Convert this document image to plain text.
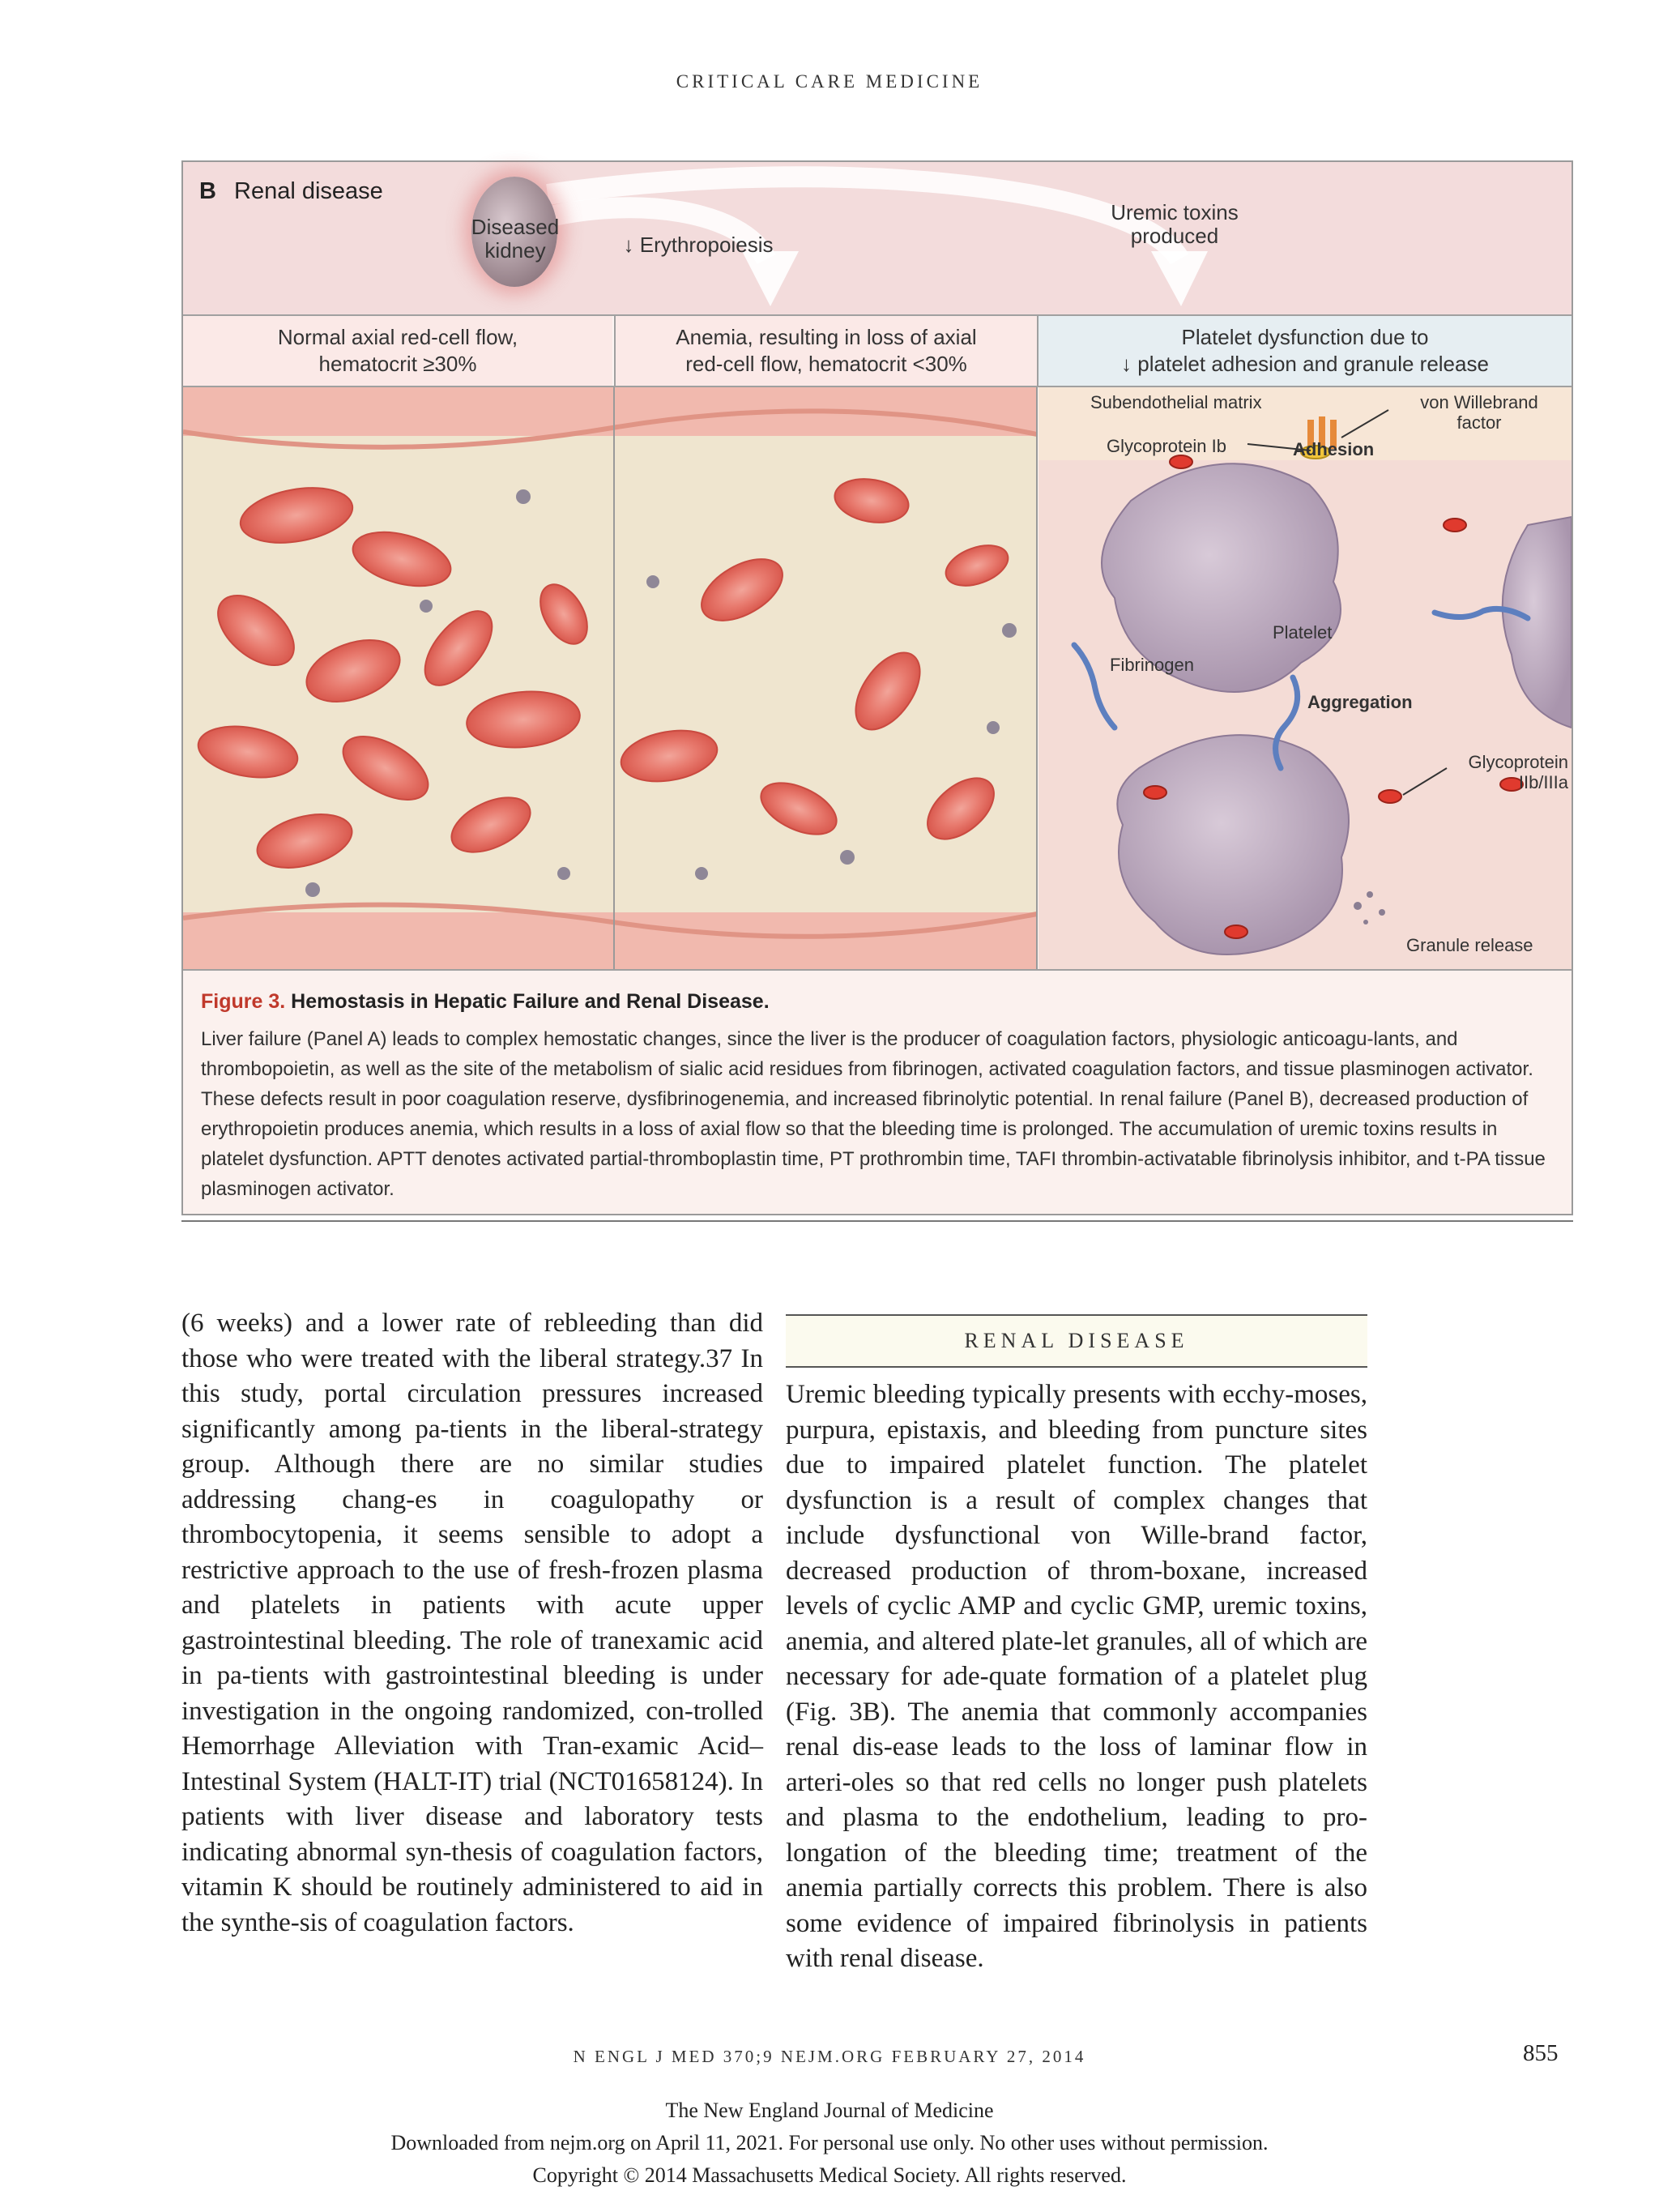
CRITICAL CARE MEDICINE
B Renal disease
Diseased
kidney	↓ Erythropoiesis
Uremic toxins
produced
Normal axial red-cell flow,
hematocrit ≥30%
Anemia, resulting in loss of axial
red-cell flow, hematocrit <30%
Platelet dysfunction due to
↓ platelet adhesion and granule release
Subendothelial matrix	von Willebrand
factor
Glycoprotein Ib	Adhesion
Platelet
Fibrinogen
Aggregation
Glycoprotein
IIb/IIIa
Granule release
Figure 3. Hemostasis in Hepatic Failure and Renal Disease.
Liver failure (Panel A) leads to complex hemostatic changes, since the liver is the producer of coagulation factors, physiologic anticoagu-lants, and thrombopoietin, as well as the site of the metabolism of sialic acid residues from fibrinogen, activated coagulation factors, and tissue plasminogen activator. These defects result in poor coagulation reserve, dysfibrinogenemia, and increased fibrinolytic potential. In renal failure (Panel B), decreased production of erythropoietin produces anemia, which results in a loss of axial flow so that the bleeding time is prolonged. The accumulation of uremic toxins results in platelet dysfunction. APTT denotes activated partial-thromboplastin time, PT prothrombin time, TAFI thrombin-activatable fibrinolysis inhibitor, and t-PA tissue plasminogen activator.
(6 weeks) and a lower rate of rebleeding than did those who were treated with the liberal strategy.37 In this study, portal circulation pressures increased significantly among pa-tients in the liberal-strategy group. Although there are no similar studies addressing chang-es in coagulopathy or thrombocytopenia, it seems sensible to adopt a restrictive approach to the use of fresh-frozen plasma and platelets in patients with acute upper gastrointestinal bleeding. The role of tranexamic acid in pa-tients with gastrointestinal bleeding is under investigation in the ongoing randomized, con-trolled Hemorrhage Alleviation with Tran-examic Acid–Intestinal System (HALT-IT) trial (NCT01658124). In patients with liver disease and laboratory tests indicating abnormal syn-thesis of coagulation factors, vitamin K should be routinely administered to aid in the synthe-sis of coagulation factors.
RENAL DISEASE
Uremic bleeding typically presents with ecchy-moses, purpura, epistaxis, and bleeding from puncture sites due to impaired platelet function. The platelet dysfunction is a result of complex changes that include dysfunctional von Wille-brand factor, decreased production of throm-boxane, increased levels of cyclic AMP and cyclic GMP, uremic toxins, anemia, and altered plate-let granules, all of which are necessary for ade-quate formation of a platelet plug (Fig. 3B). The anemia that commonly accompanies renal dis-ease leads to the loss of laminar flow in arteri-oles so that red cells no longer push platelets and plasma to the endothelium, leading to pro-longation of the bleeding time; treatment of the anemia partially corrects this problem. There is also some evidence of impaired fibrinolysis in patients with renal disease.
N ENGL J MED 370;9 NEJM.ORG FEBRUARY 27, 2014	855
The New England Journal of Medicine
Downloaded from nejm.org on April 11, 2021. For personal use only. No other uses without permission.
Copyright © 2014 Massachusetts Medical Society. All rights reserved.
